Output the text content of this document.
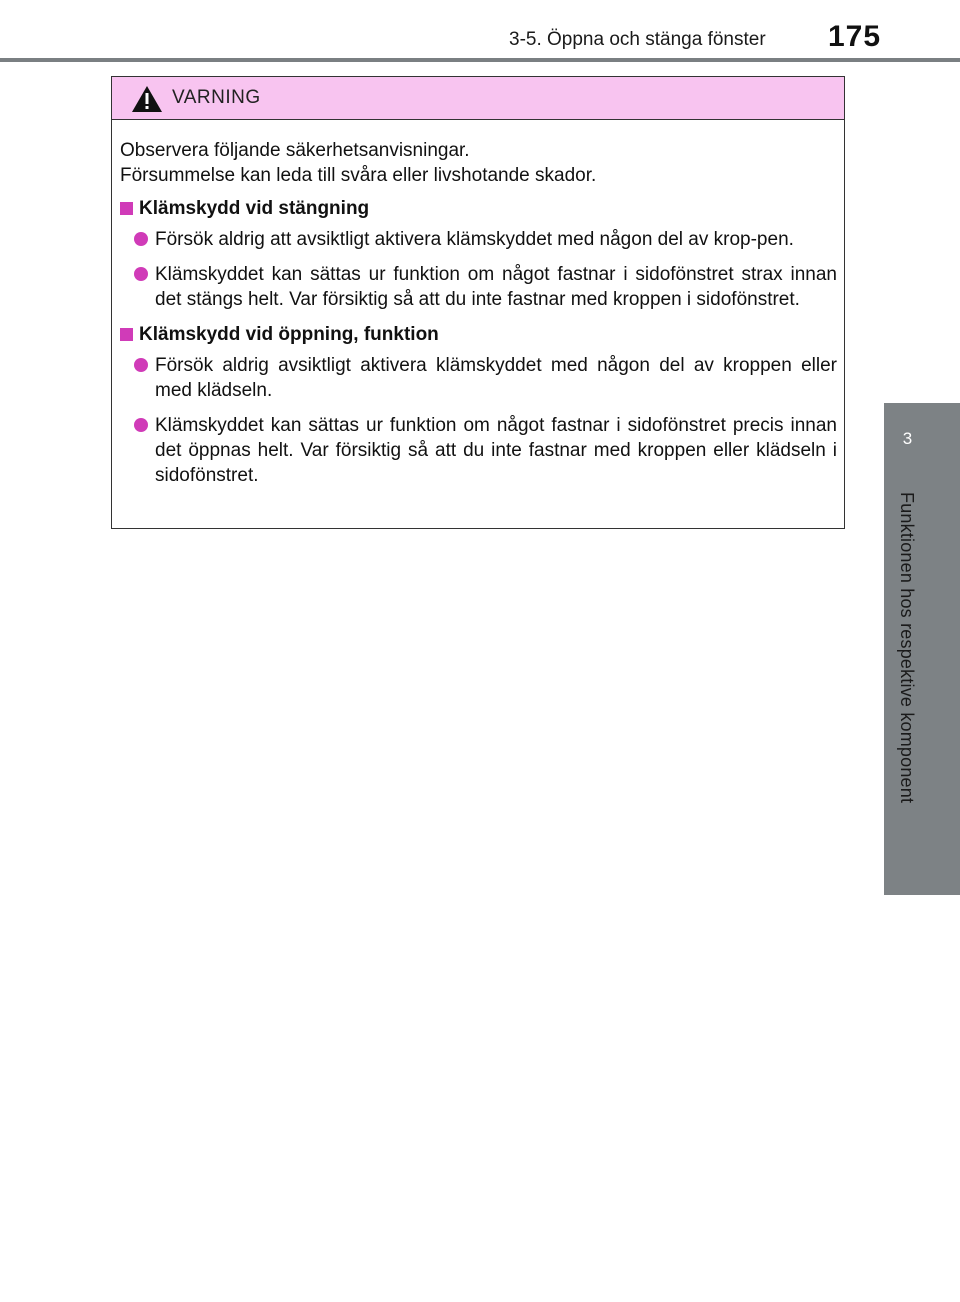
3-5. Öppna och stänga fönster 175
3
Funktionen hos respektive komponent
VARNING
Observera följande säkerhetsanvisningar.
Försummelse kan leda till svåra eller livshotande skador.
Klämskydd vid stängning
Försök aldrig att avsiktligt aktivera klämskyddet med någon del av krop-pen.
Klämskyddet kan sättas ur funktion om något fastnar i sidofönstret strax innan det stängs helt. Var försiktig så att du inte fastnar med kroppen i sidofönstret.
Klämskydd vid öppning, funktion
Försök aldrig avsiktligt aktivera klämskyddet med någon del av kroppen eller med klädseln.
Klämskyddet kan sättas ur funktion om något fastnar i sidofönstret precis innan det öppnas helt. Var försiktig så att du inte fastnar med kroppen eller klädseln i sidofönstret.
